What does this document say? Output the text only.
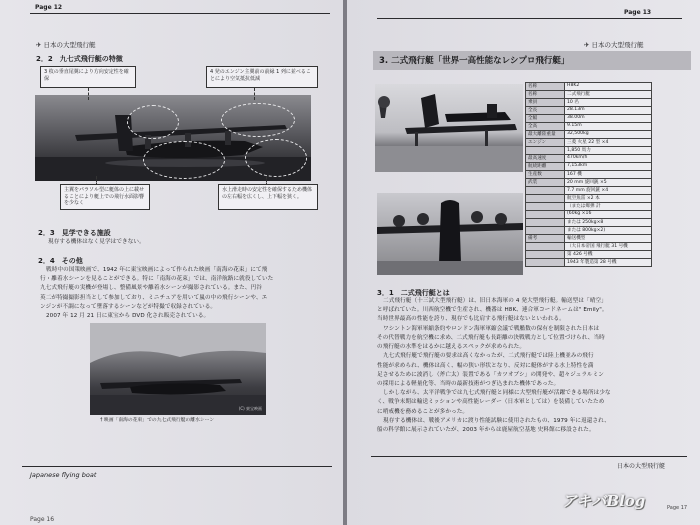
Page 12
✈ 日本の大型飛行艇
2．2　九七式飛行艇の特徴
3 枚の垂直尾翼により方向安定性を確保
4 発のエンジン主翼前の前縁 1 列に並べることにより空気抵抗低減
主翼をパラソル型に艇体の上に載せることにより艇上での飛行水面影響を少なく
水上滑走時の安定性を確保するため機体の左右幅を広くし、上下幅を狭く。
2．3　見学できる施設
現存する機体はなく見学はできない。
2．4　その他
戦時中の国策映画で、1942 年に東宝映画によって作られた映画「南海の花束」にて飛
行・離着水シーンを見ることができる。特に「南海の花束」では、南洋航路に就役していた
九七式飛行艇の実機が登場し、整備風景や離着水シーンが撮影されている。また、円谷
英二が特撮撮影担当として参加しており、ミニチュアを用いて嵐の中の飛行シーンや、エ
ンジンが不調になって墜落するシーンなどが特撮で収録されている。
2007 年 12 月 21 日に東宝から DVD 化され販売されている。
(C) 東宝映画
† 映画「南海の花束」での九七式飛行艇の離水シーン
Japanese flying boat
Page 16
Page 13
✈ 日本の大型飛行艇
3. 二式飛行艇「世界一高性能なレシプロ飛行艇」
名称	H8K2
名称	二式飛行艇
乗員	10 名
全長	28.13m
全幅	38.00m
全高	9.15m
最大離陸重量	32,500kg
エンジン	三菱 火星 22 型 ×4
	1,850 馬力
最高速度	470km/h
航続距離	7,153km
生産数	167 機
武装	20 mm 旋回銃 ×5
	7.7 mm 旋回銃 ×4
	航空魚雷 ×2 本
	（または爆弾 計
	(60kg ×16
	または 250kg×8
	または 800kg×2)
備考	輸送機型
	（大日本帝国 飛行艇 31 号機
	第 426 号機
	1943 年製造第 28 号機
3．1　二式飛行艇とは
二式飛行艇（十三試大型飛行艇）は、旧日本海軍の 4 発大型飛行艇。輸送型は「晴空」
と呼ばれていた。川西航空機で生産され、機番は H8K、連合軍コードネームは" Emily"。
当時世界最高の性能を誇り、現存でも比肩する飛行艇はないといわれる。
ワシントン海軍軍縮条約やロンドン海軍軍縮会議で戦艦数の保有を制限された日本は
その代替戦力を航空機に求め、二式飛行艇も長距離の決戦戦力として位置づけられ、当時
の飛行艇の水準をはるかに越えるスペックが求められた。
九七式飛行艇で飛行艇の要求は高くなかったが、二式飛行艇では陸上機並みの飛行
性能が求められ、機体は高く、幅の狭い形状となり、反対に艇体がする水上特性を満
足させるために波消し（斧亡太）装置である「カツオブシ」の開発や、超々ジュラルミン
の採用による軽量化等、当時の最新技術がつぎ込まれた機体であった。
しかしながら、太平洋戦争では九七式飛行艇と同様に大型飛行艇が活躍できる場所は少な
く、戦争末期は輸送ミッションや高性能レーダー（日本軍としては）を装備していたため
に哨戒機を務めることが多かった。
現存する機体は、戦後アメリカに渡り性能試験に使用されたもの、1979 年に返還され、
船の科学館に展示されていたが、2003 年からは鹿屋航空基地 史料館に移設された。
日本の大型飛行艇
アキバBlog	Page 17
